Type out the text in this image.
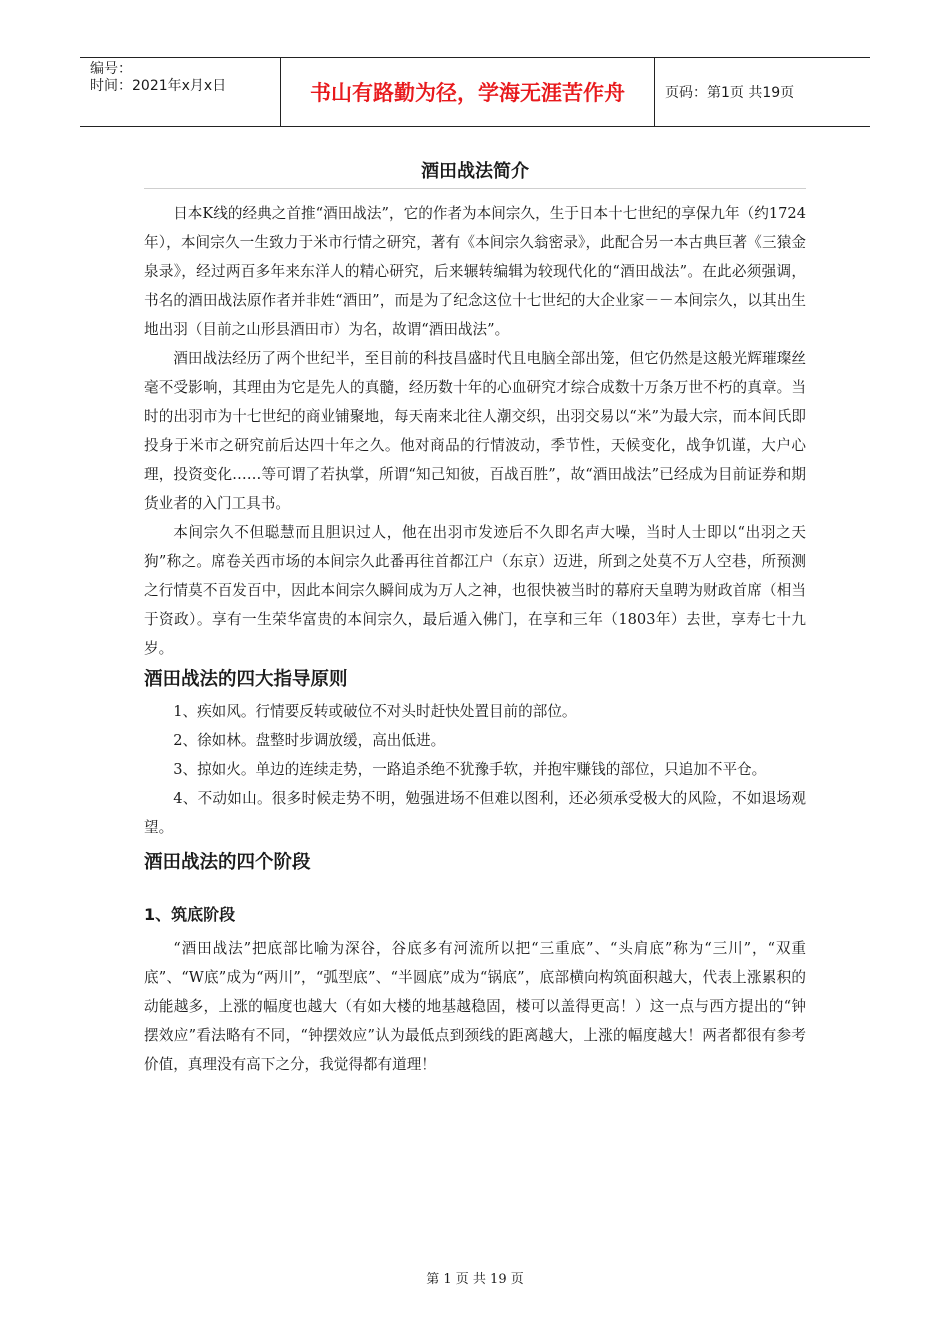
编号：
时间：2021年x月x日	书山有路勤为径，学海无涯苦作舟	页码：第1页 共19页
酒田战法简介

日本K线的经典之首推“酒田战法”，它的作者为本间宗久，生于日本十七世纪的享保九年（约1724年），本间宗久一生致力于米市行情之研究，著有《本间宗久翁密录》，此配合另一本古典巨著《三猿金泉录》，经过两百多年来东洋人的精心研究，后来辗转编辑为较现代化的“酒田战法”。在此必须强调，书名的酒田战法原作者并非姓“酒田”，而是为了纪念这位十七世纪的大企业家－－本间宗久，以其出生地出羽（目前之山形县酒田市）为名，故谓“酒田战法”。

酒田战法经历了两个世纪半，至目前的科技昌盛时代且电脑全部出笼，但它仍然是这般光辉璀璨丝毫不受影响，其理由为它是先人的真髓，经历数十年的心血研究才综合成数十万条万世不朽的真章。当时的出羽市为十七世纪的商业铺聚地，每天南来北往人潮交织，出羽交易以“米”为最大宗，而本间氏即投身于米市之研究前后达四十年之久。他对商品的行情波动，季节性，天候变化，战争饥谨，大户心理，投资变化……等可谓了若执掌，所谓“知己知彼，百战百胜”，故“酒田战法”已经成为目前证券和期货业者的入门工具书。

本间宗久不但聪慧而且胆识过人，他在出羽市发迹后不久即名声大噪，当时人士即以“出羽之天狗”称之。席卷关西市场的本间宗久此番再往首都江户（东京）迈进，所到之处莫不万人空巷，所预测之行情莫不百发百中，因此本间宗久瞬间成为万人之神，也很快被当时的幕府天皇聘为财政首席（相当于资政）。享有一生荣华富贵的本间宗久，最后遁入佛门，在享和三年（1803年）去世，享寿七十九岁。

酒田战法的四大指导原则

1、疾如风。行情要反转或破位不对头时赶快处置目前的部位。

2、徐如林。盘整时步调放缓，高出低进。

3、掠如火。单边的连续走势，一路追杀绝不犹豫手软，并抱牢赚钱的部位，只追加不平仓。

4、不动如山。很多时候走势不明，勉强进场不但难以图利，还必须承受极大的风险，不如退场观望。

酒田战法的四个阶段
1、筑底阶段

“酒田战法”把底部比喻为深谷，谷底多有河流所以把“三重底”、“头肩底”称为“三川”，“双重底”、“W底”成为“两川”，“弧型底”、“半圆底”成为“锅底”，底部横向构筑面积越大，代表上涨累积的动能越多，上涨的幅度也越大（有如大楼的地基越稳固，楼可以盖得更高！）这一点与西方提出的“钟摆效应”看法略有不同，“钟摆效应”认为最低点到颈线的距离越大，上涨的幅度越大！两者都很有参考价值，真理没有高下之分，我觉得都有道理！

第 1 页 共 19 页
